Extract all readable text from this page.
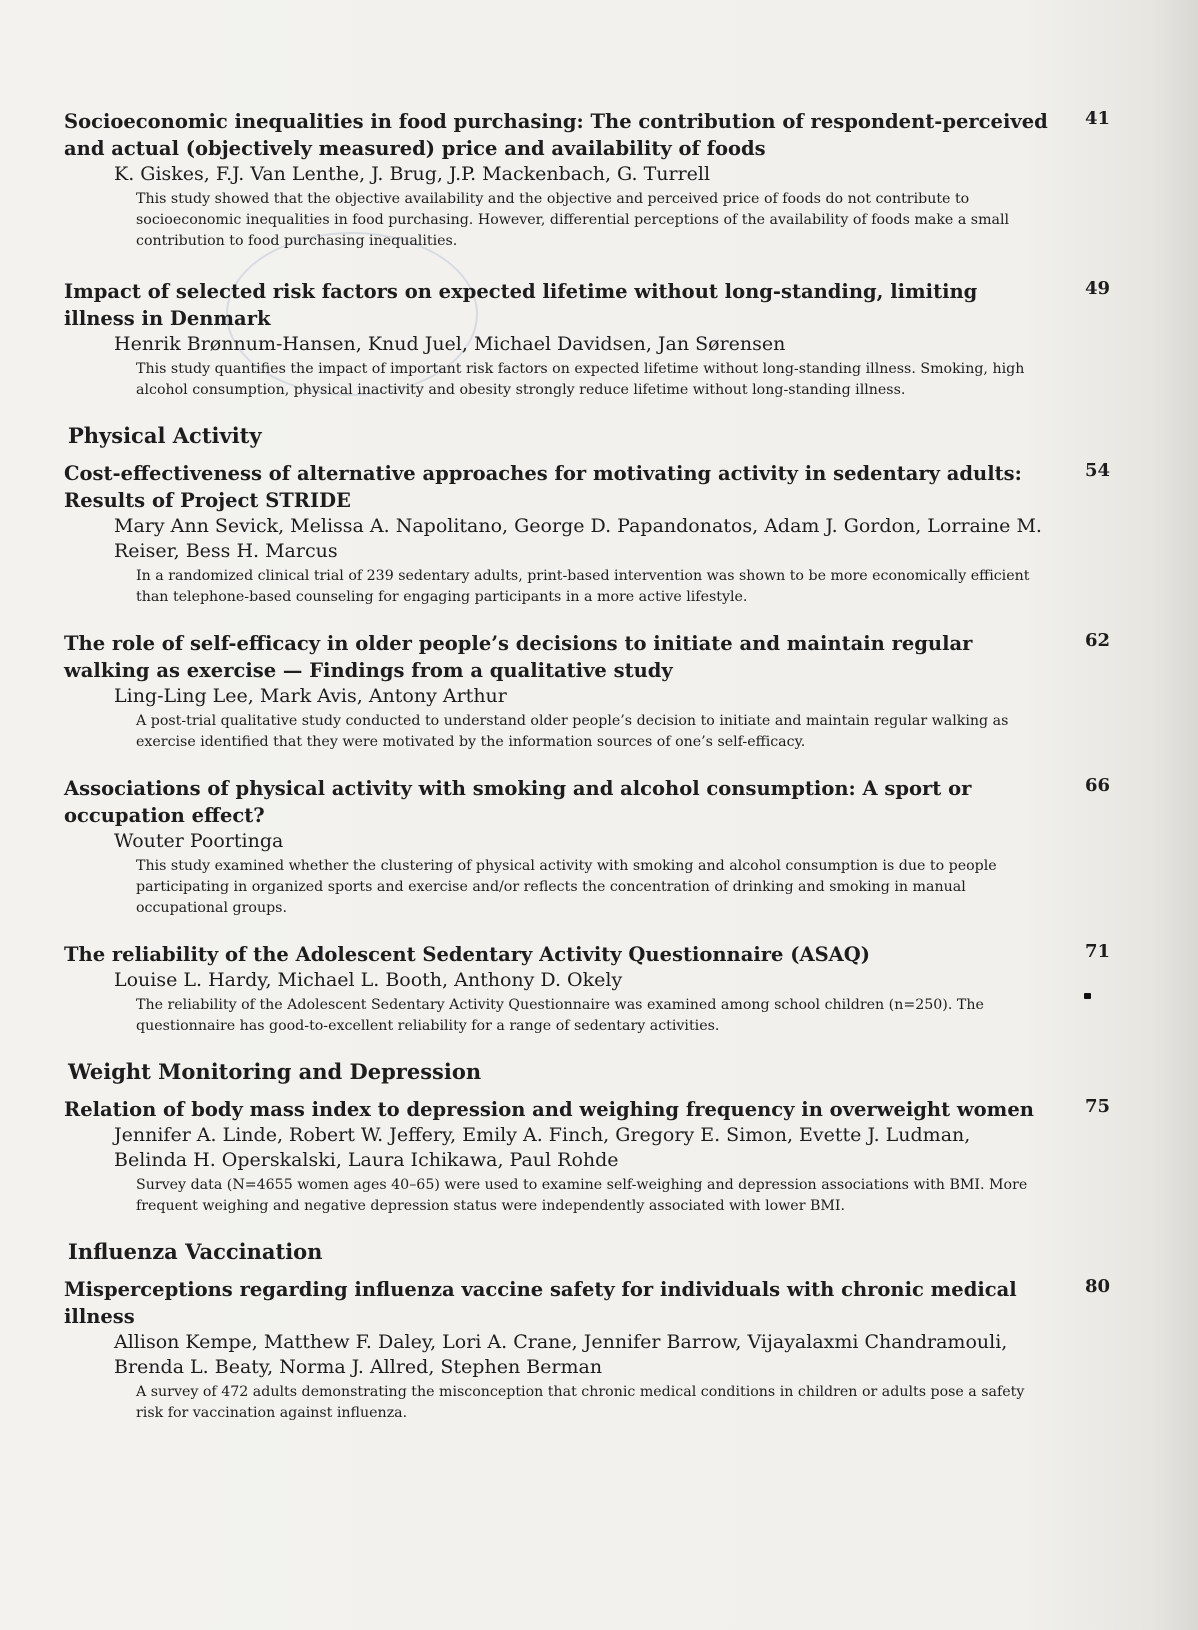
41
Socioeconomic inequalities in food purchasing: The contribution of respondent-perceived and actual (objectively measured) price and availability of foods
K. Giskes, F.J. Van Lenthe, J. Brug, J.P. Mackenbach, G. Turrell
This study showed that the objective availability and the objective and perceived price of foods do not contribute to socioeconomic inequalities in food purchasing. However, differential perceptions of the availability of foods make a small contribution to food purchasing inequalities.
49
Impact of selected risk factors on expected lifetime without long-standing, limiting illness in Denmark
Henrik Brønnum-Hansen, Knud Juel, Michael Davidsen, Jan Sørensen
This study quantifies the impact of important risk factors on expected lifetime without long-standing illness. Smoking, high alcohol consumption, physical inactivity and obesity strongly reduce lifetime without long-standing illness.
Physical Activity
54
Cost-effectiveness of alternative approaches for motivating activity in sedentary adults: Results of Project STRIDE
Mary Ann Sevick, Melissa A. Napolitano, George D. Papandonatos, Adam J. Gordon, Lorraine M. Reiser, Bess H. Marcus
In a randomized clinical trial of 239 sedentary adults, print-based intervention was shown to be more economically efficient than telephone-based counseling for engaging participants in a more active lifestyle.
62
The role of self-efficacy in older people’s decisions to initiate and maintain regular walking as exercise — Findings from a qualitative study
Ling-Ling Lee, Mark Avis, Antony Arthur
A post-trial qualitative study conducted to understand older people’s decision to initiate and maintain regular walking as exercise identified that they were motivated by the information sources of one’s self-efficacy.
66
Associations of physical activity with smoking and alcohol consumption: A sport or occupation effect?
Wouter Poortinga
This study examined whether the clustering of physical activity with smoking and alcohol consumption is due to people participating in organized sports and exercise and/or reflects the concentration of drinking and smoking in manual occupational groups.
71
The reliability of the Adolescent Sedentary Activity Questionnaire (ASAQ)
Louise L. Hardy, Michael L. Booth, Anthony D. Okely
The reliability of the Adolescent Sedentary Activity Questionnaire was examined among school children (n=250). The questionnaire has good-to-excellent reliability for a range of sedentary activities.
Weight Monitoring and Depression
75
Relation of body mass index to depression and weighing frequency in overweight women
Jennifer A. Linde, Robert W. Jeffery, Emily A. Finch, Gregory E. Simon, Evette J. Ludman, Belinda H. Operskalski, Laura Ichikawa, Paul Rohde
Survey data (N=4655 women ages 40–65) were used to examine self-weighing and depression associations with BMI. More frequent weighing and negative depression status were independently associated with lower BMI.
Influenza Vaccination
80
Misperceptions regarding influenza vaccine safety for individuals with chronic medical illness
Allison Kempe, Matthew F. Daley, Lori A. Crane, Jennifer Barrow, Vijayalaxmi Chandramouli, Brenda L. Beaty, Norma J. Allred, Stephen Berman
A survey of 472 adults demonstrating the misconception that chronic medical conditions in children or adults pose a safety risk for vaccination against influenza.
